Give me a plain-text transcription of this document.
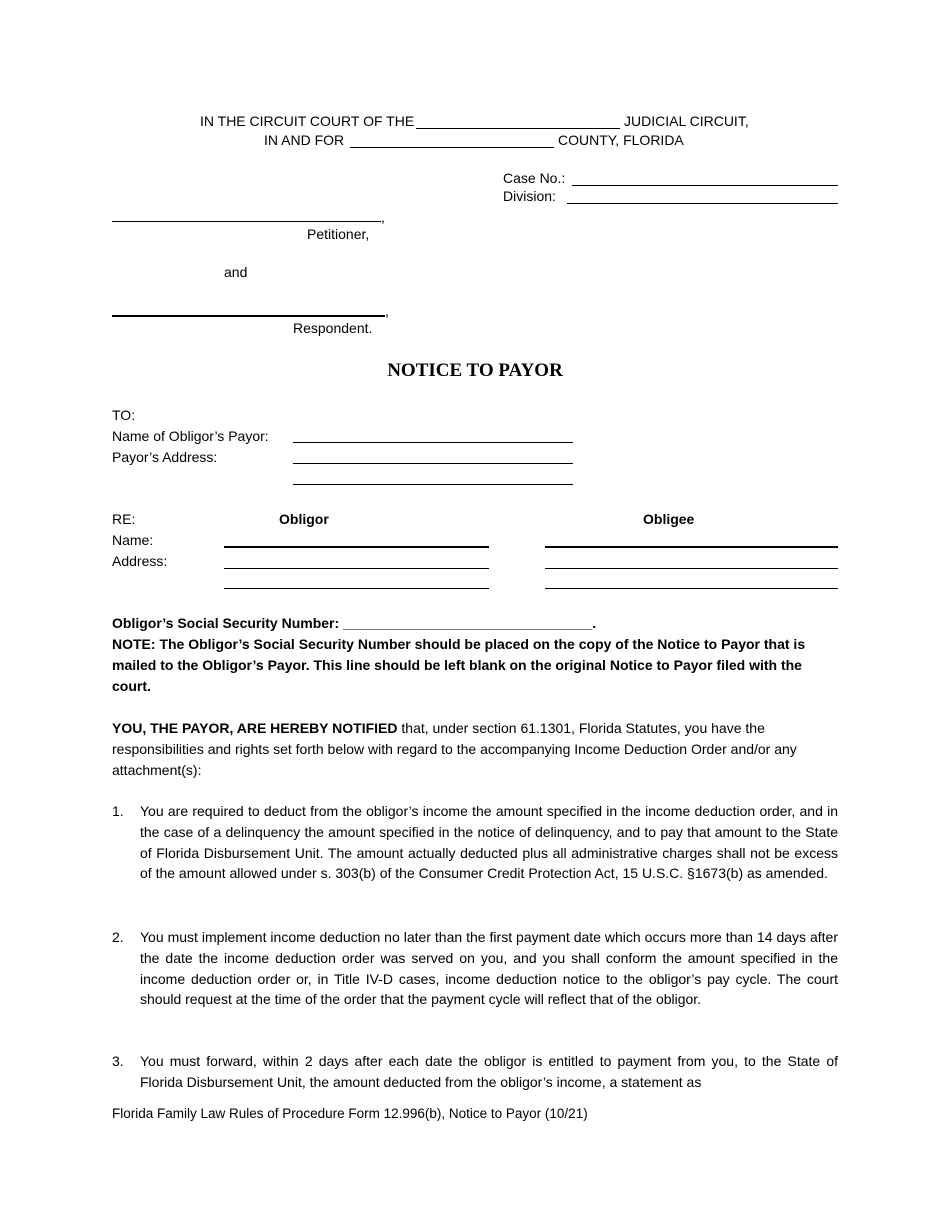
IN THE CIRCUIT COURT OF THE	JUDICIAL CIRCUIT,
IN AND FOR	COUNTY, FLORIDA
Case No.:
Division:
,
Petitioner,
and
,
Respondent.
NOTICE TO PAYOR
TO:
Name of Obligor’s Payor:
Payor’s Address:
RE:	Obligor	Obligee
Name:
Address:
Obligor’s Social Security Number: ________________________________.
NOTE: The Obligor’s Social Security Number should be placed on the copy of the Notice to Payor that is mailed to the Obligor’s Payor. This line should be left blank on the original Notice to Payor filed with the court.
YOU, THE PAYOR, ARE HEREBY NOTIFIED that, under section 61.1301, Florida Statutes, you have the responsibilities and rights set forth below with regard to the accompanying Income Deduction Order and/or any attachment(s):
1. You are required to deduct from the obligor’s income the amount specified in the income deduction order, and in the case of a delinquency the amount specified in the notice of delinquency, and to pay that amount to the State of Florida Disbursement Unit. The amount actually deducted plus all administrative charges shall not be excess of the amount allowed under s. 303(b) of the Consumer Credit Protection Act, 15 U.S.C. §1673(b) as amended.
2. You must implement income deduction no later than the first payment date which occurs more than 14 days after the date the income deduction order was served on you, and you shall conform the amount specified in the income deduction order or, in Title IV-D cases, income deduction notice to the obligor’s pay cycle. The court should request at the time of the order that the payment cycle will reflect that of the obligor.
3. You must forward, within 2 days after each date the obligor is entitled to payment from you, to the State of Florida Disbursement Unit, the amount deducted from the obligor’s income, a statement as
Florida Family Law Rules of Procedure Form 12.996(b), Notice to Payor (10/21)
